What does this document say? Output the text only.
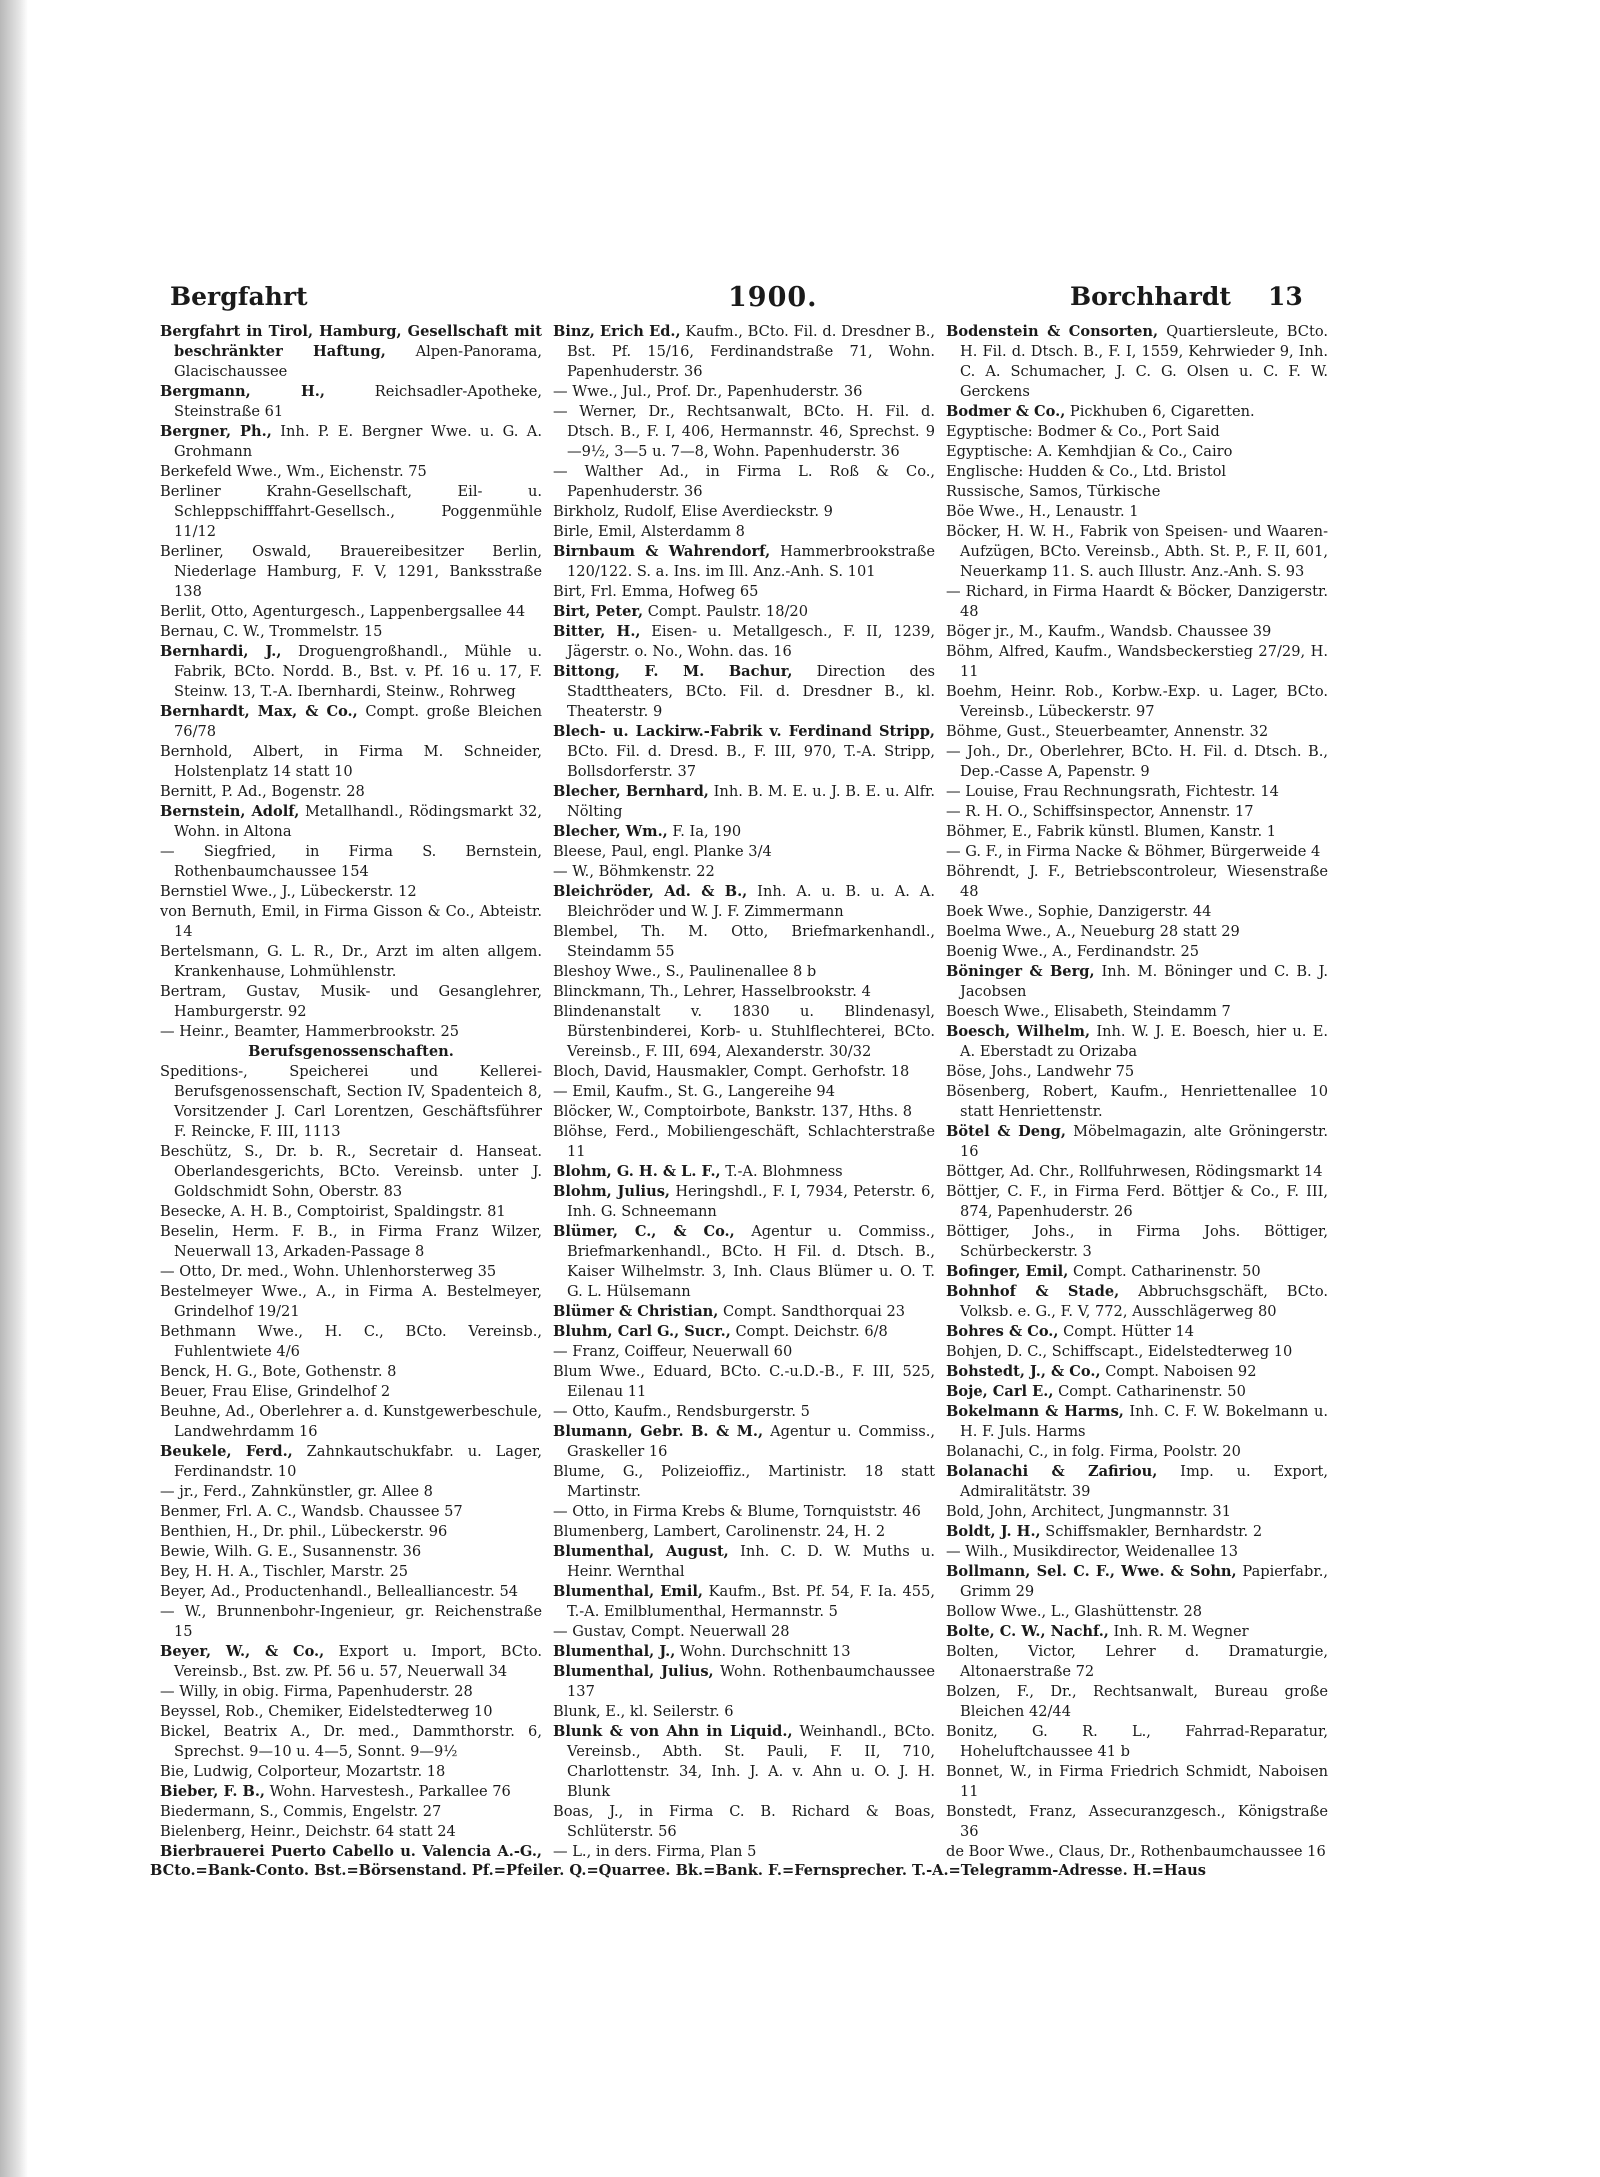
Bergfahrt	1900.	Borchhardt 13

Bergfahrt in Tirol, Hamburg, Gesellschaft mit beschränkter Haftung, Alpen-Panorama, Glacischaussee

Bergmann, H., Reichsadler-Apotheke, Steinstraße 61

Bergner, Ph., Inh. P. E. Bergner Wwe. u. G. A. Grohmann

Berkefeld Wwe., Wm., Eichenstr. 75

Berliner Krahn-Gesellschaft, Eil- u. Schleppschifffahrt-Gesellsch., Poggenmühle 11/12

Berliner, Oswald, Brauereibesitzer Berlin, Niederlage Hamburg, F. V, 1291, Banksstraße 138

Berlit, Otto, Agenturgesch., Lappenbergsallee 44

Bernau, C. W., Trommelstr. 15

Bernhardi, J., Droguengroßhandl., Mühle u. Fabrik, BCto. Nordd. B., Bst. v. Pf. 16 u. 17, F. Steinw. 13, T.-A. Ibernhardi, Steinw., Rohrweg

Bernhardt, Max, & Co., Compt. große Bleichen 76/78

Bernhold, Albert, in Firma M. Schneider, Holstenplatz 14 statt 10

Bernitt, P. Ad., Bogenstr. 28

Bernstein, Adolf, Metallhandl., Rödingsmarkt 32, Wohn. in Altona

— Siegfried, in Firma S. Bernstein, Rothenbaumchaussee 154

Bernstiel Wwe., J., Lübeckerstr. 12

von Bernuth, Emil, in Firma Gisson & Co., Abteistr. 14

Bertelsmann, G. L. R., Dr., Arzt im alten allgem. Krankenhause, Lohmühlenstr.

Bertram, Gustav, Musik- und Gesanglehrer, Hamburgerstr. 92

— Heinr., Beamter, Hammerbrookstr. 25

Berufsgenossenschaften.

Speditions-, Speicherei und Kellerei-Berufsgenossenschaft, Section IV, Spadenteich 8, Vorsitzender J. Carl Lorentzen, Geschäftsführer F. Reincke, F. III, 1113

Beschütz, S., Dr. b. R., Secretair d. Hanseat. Oberlandesgerichts, BCto. Vereinsb. unter J. Goldschmidt Sohn, Oberstr. 83

Besecke, A. H. B., Comptoirist, Spaldingstr. 81

Beselin, Herm. F. B., in Firma Franz Wilzer, Neuerwall 13, Arkaden-Passage 8

— Otto, Dr. med., Wohn. Uhlenhorsterweg 35

Bestelmeyer Wwe., A., in Firma A. Bestelmeyer, Grindelhof 19/21

Bethmann Wwe., H. C., BCto. Vereinsb., Fuhlentwiete 4/6

Benck, H. G., Bote, Gothenstr. 8

Beuer, Frau Elise, Grindelhof 2

Beuhne, Ad., Oberlehrer a. d. Kunstgewerbeschule, Landwehrdamm 16

Beukele, Ferd., Zahnkautschukfabr. u. Lager, Ferdinandstr. 10

— jr., Ferd., Zahnkünstler, gr. Allee 8

Benmer, Frl. A. C., Wandsb. Chaussee 57

Benthien, H., Dr. phil., Lübeckerstr. 96

Bewie, Wilh. G. E., Susannenstr. 36

Bey, H. H. A., Tischler, Marstr. 25

Beyer, Ad., Productenhandl., Bellealliancestr. 54

— W., Brunnenbohr-Ingenieur, gr. Reichenstraße 15

Beyer, W., & Co., Export u. Import, BCto. Vereinsb., Bst. zw. Pf. 56 u. 57, Neuerwall 34

— Willy, in obig. Firma, Papenhuderstr. 28

Beyssel, Rob., Chemiker, Eidelstedterweg 10

Bickel, Beatrix A., Dr. med., Dammthorstr. 6, Sprechst. 9—10 u. 4—5, Sonnt. 9—9½

Bie, Ludwig, Colporteur, Mozartstr. 18

Bieber, F. B., Wohn. Harvestesh., Parkallee 76

Biedermann, S., Commis, Engelstr. 27

Bielenberg, Heinr., Deichstr. 64 statt 24

Bierbrauerei Puerto Cabello u. Valencia A.-G.,

Binz, Erich Ed., Kaufm., BCto. Fil. d. Dresdner B., Bst. Pf. 15/16, Ferdinandstraße 71, Wohn. Papenhuderstr. 36

— Wwe., Jul., Prof. Dr., Papenhuderstr. 36

— Werner, Dr., Rechtsanwalt, BCto. H. Fil. d. Dtsch. B., F. I, 406, Hermannstr. 46, Sprechst. 9—9½, 3—5 u. 7—8, Wohn. Papenhuderstr. 36

— Walther Ad., in Firma L. Roß & Co., Papenhuderstr. 36

Birkholz, Rudolf, Elise Averdieckstr. 9

Birle, Emil, Alsterdamm 8

Birnbaum & Wahrendorf, Hammerbrookstraße 120/122. S. a. Ins. im Ill. Anz.-Anh. S. 101

Birt, Frl. Emma, Hofweg 65

Birt, Peter, Compt. Paulstr. 18/20

Bitter, H., Eisen- u. Metallgesch., F. II, 1239, Jägerstr. o. No., Wohn. das. 16

Bittong, F. M. Bachur, Direction des Stadttheaters, BCto. Fil. d. Dresdner B., kl. Theaterstr. 9

Blech- u. Lackirw.-Fabrik v. Ferdinand Stripp, BCto. Fil. d. Dresd. B., F. III, 970, T.-A. Stripp, Bollsdorferstr. 37

Blecher, Bernhard, Inh. B. M. E. u. J. B. E. u. Alfr. Nölting

Blecher, Wm., F. Ia, 190

Bleese, Paul, engl. Planke 3/4

— W., Böhmkenstr. 22

Bleichröder, Ad. & B., Inh. A. u. B. u. A. A. Bleichröder und W. J. F. Zimmermann

Blembel, Th. M. Otto, Briefmarkenhandl., Steindamm 55

Bleshoy Wwe., S., Paulinenallee 8 b

Blinckmann, Th., Lehrer, Hasselbrookstr. 4

Blindenanstalt v. 1830 u. Blindenasyl, Bürstenbinderei, Korb- u. Stuhlflechterei, BCto. Vereinsb., F. III, 694, Alexanderstr. 30/32

Bloch, David, Hausmakler, Compt. Gerhofstr. 18

— Emil, Kaufm., St. G., Langereihe 94

Blöcker, W., Comptoirbote, Bankstr. 137, Hths. 8

Blöhse, Ferd., Mobiliengeschäft, Schlachterstraße 11

Blohm, G. H. & L. F., T.-A. Blohmness

Blohm, Julius, Heringshdl., F. I, 7934, Peterstr. 6, Inh. G. Schneemann

Blümer, C., & Co., Agentur u. Commiss., Briefmarkenhandl., BCto. H Fil. d. Dtsch. B., Kaiser Wilhelmstr. 3, Inh. Claus Blümer u. O. T. G. L. Hülsemann

Blümer & Christian, Compt. Sandthorquai 23

Bluhm, Carl G., Sucr., Compt. Deichstr. 6/8

— Franz, Coiffeur, Neuerwall 60

Blum Wwe., Eduard, BCto. C.-u.D.-B., F. III, 525, Eilenau 11

— Otto, Kaufm., Rendsburgerstr. 5

Blumann, Gebr. B. & M., Agentur u. Commiss., Graskeller 16

Blume, G., Polizeioffiz., Martinistr. 18 statt Martinstr.

— Otto, in Firma Krebs & Blume, Tornquiststr. 46

Blumenberg, Lambert, Carolinenstr. 24, H. 2

Blumenthal, August, Inh. C. D. W. Muths u. Heinr. Wernthal

Blumenthal, Emil, Kaufm., Bst. Pf. 54, F. Ia. 455, T.-A. Emilblumenthal, Hermannstr. 5

— Gustav, Compt. Neuerwall 28

Blumenthal, J., Wohn. Durchschnitt 13

Blumenthal, Julius, Wohn. Rothenbaumchaussee 137

Blunk, E., kl. Seilerstr. 6

Blunk & von Ahn in Liquid., Weinhandl., BCto. Vereinsb., Abth. St. Pauli, F. II, 710, Charlottenstr. 34, Inh. J. A. v. Ahn u. O. J. H. Blunk

Boas, J., in Firma C. B. Richard & Boas, Schlüterstr. 56

— L., in ders. Firma, Plan 5

Bodenstein & Consorten, Quartiersleute, BCto. H. Fil. d. Dtsch. B., F. I, 1559, Kehrwieder 9, Inh. C. A. Schumacher, J. C. G. Olsen u. C. F. W. Gerckens

Bodmer & Co., Pickhuben 6, Cigaretten.

Egyptische: Bodmer & Co., Port Said

Egyptische: A. Kemhdjian & Co., Cairo

Englische: Hudden & Co., Ltd. Bristol

Russische, Samos, Türkische

Böe Wwe., H., Lenaustr. 1

Böcker, H. W. H., Fabrik von Speisen- und Waaren-Aufzügen, BCto. Vereinsb., Abth. St. P., F. II, 601, Neuerkamp 11. S. auch Illustr. Anz.-Anh. S. 93

— Richard, in Firma Haardt & Böcker, Danzigerstr. 48

Böger jr., M., Kaufm., Wandsb. Chaussee 39

Böhm, Alfred, Kaufm., Wandsbeckerstieg 27/29, H. 11

Boehm, Heinr. Rob., Korbw.-Exp. u. Lager, BCto. Vereinsb., Lübeckerstr. 97

Böhme, Gust., Steuerbeamter, Annenstr. 32

— Joh., Dr., Oberlehrer, BCto. H. Fil. d. Dtsch. B., Dep.-Casse A, Papenstr. 9

— Louise, Frau Rechnungsrath, Fichtestr. 14

— R. H. O., Schiffsinspector, Annenstr. 17

Böhmer, E., Fabrik künstl. Blumen, Kanstr. 1

— G. F., in Firma Nacke & Böhmer, Bürgerweide 4

Böhrendt, J. F., Betriebscontroleur, Wiesenstraße 48

Boek Wwe., Sophie, Danzigerstr. 44

Boelma Wwe., A., Neueburg 28 statt 29

Boenig Wwe., A., Ferdinandstr. 25

Böninger & Berg, Inh. M. Böninger und C. B. J. Jacobsen

Boesch Wwe., Elisabeth, Steindamm 7

Boesch, Wilhelm, Inh. W. J. E. Boesch, hier u. E. A. Eberstadt zu Orizaba

Böse, Johs., Landwehr 75

Bösenberg, Robert, Kaufm., Henriettenallee 10 statt Henriettenstr.

Bötel & Deng, Möbelmagazin, alte Gröningerstr. 16

Böttger, Ad. Chr., Rollfuhrwesen, Rödingsmarkt 14

Böttjer, C. F., in Firma Ferd. Böttjer & Co., F. III, 874, Papenhuderstr. 26

Böttiger, Johs., in Firma Johs. Böttiger, Schürbeckerstr. 3

Bofinger, Emil, Compt. Catharinenstr. 50

Bohnhof & Stade, Abbruchsgschäft, BCto. Volksb. e. G., F. V, 772, Ausschlägerweg 80

Bohres & Co., Compt. Hütter 14

Bohjen, D. C., Schiffscapt., Eidelstedterweg 10

Bohstedt, J., & Co., Compt. Naboisen 92

Boje, Carl E., Compt. Catharinenstr. 50

Bokelmann & Harms, Inh. C. F. W. Bokelmann u. H. F. Juls. Harms

Bolanachi, C., in folg. Firma, Poolstr. 20

Bolanachi & Zafiriou, Imp. u. Export, Admiralitätstr. 39

Bold, John, Architect, Jungmannstr. 31

Boldt, J. H., Schiffsmakler, Bernhardstr. 2

— Wilh., Musikdirector, Weidenallee 13

Bollmann, Sel. C. F., Wwe. & Sohn, Papierfabr., Grimm 29

Bollow Wwe., L., Glashüttenstr. 28

Bolte, C. W., Nachf., Inh. R. M. Wegner

Bolten, Victor, Lehrer d. Dramaturgie, Altonaerstraße 72

Bolzen, F., Dr., Rechtsanwalt, Bureau große Bleichen 42/44

Bonitz, G. R. L., Fahrrad-Reparatur, Hoheluftchaussee 41 b

Bonnet, W., in Firma Friedrich Schmidt, Naboisen 11

Bonstedt, Franz, Assecuranzgesch., Königstraße 36

de Boor Wwe., Claus, Dr., Rothenbaumchaussee 16

BCto.=Bank-Conto. Bst.=Börsenstand. Pf.=Pfeiler. Q.=Quarree. Bk.=Bank. F.=Fernsprecher. T.-A.=Telegramm-Adresse. H.=Haus
